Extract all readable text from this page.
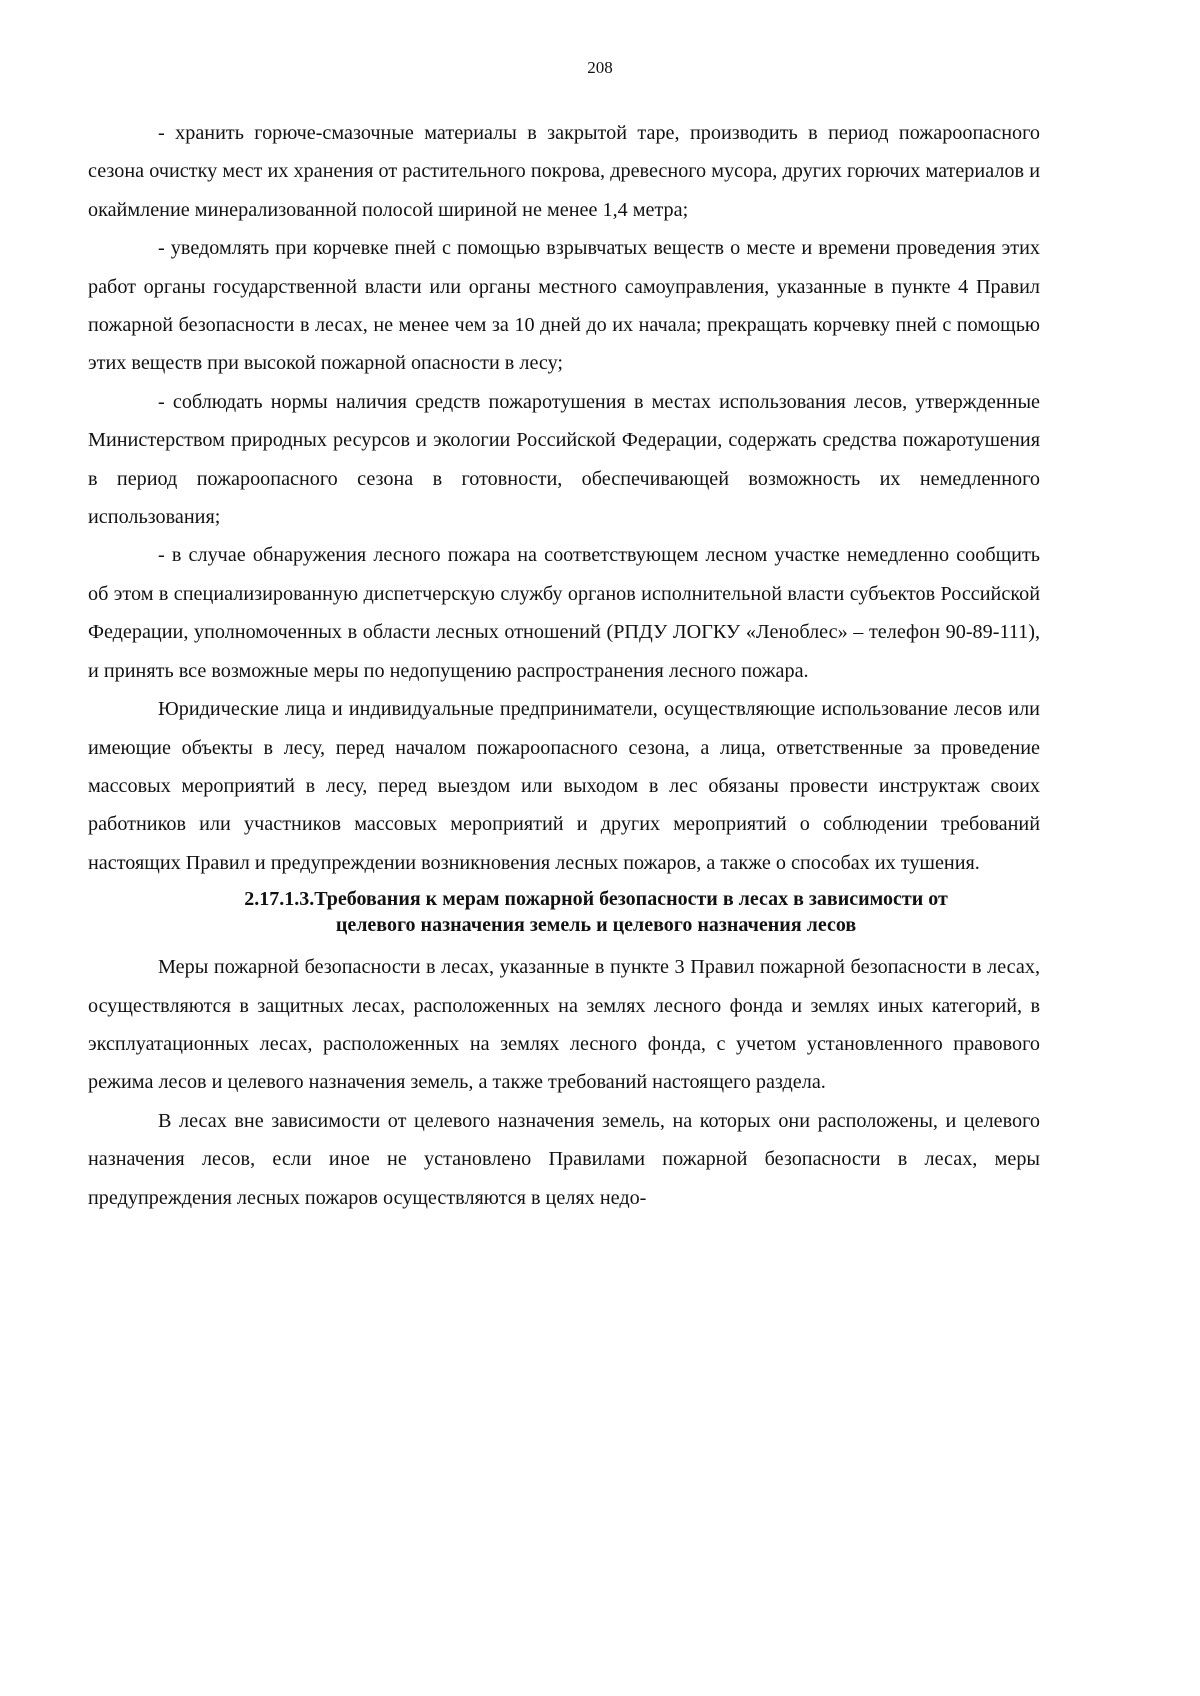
208

- хранить горюче-смазочные материалы в закрытой таре, производить в период пожароопасного сезона очистку мест их хранения от растительного покрова, древесного мусора, других горючих материалов и окаймление минерализованной полосой шириной не менее 1,4 метра;

- уведомлять при корчевке пней с помощью взрывчатых веществ о месте и времени проведения этих работ органы государственной власти или органы местного самоуправления, указанные в пункте 4 Правил пожарной безопасности в лесах, не менее чем за 10 дней до их начала; прекращать корчевку пней с помощью этих веществ при высокой пожарной опасности в лесу;

- соблюдать нормы наличия средств пожаротушения в местах использования лесов, утвержденные Министерством природных ресурсов и экологии Российской Федерации, содержать средства пожаротушения в период пожароопасного сезона в готовности, обеспечивающей возможность их немедленного использования;

- в случае обнаружения лесного пожара на соответствующем лесном участке немедленно сообщить об этом в специализированную диспетчерскую службу органов исполнительной власти субъектов Российской Федерации, уполномоченных в области лесных отношений (РПДУ ЛОГКУ «Леноблес» – телефон 90-89-111), и принять все возможные меры по недопущению распространения лесного пожара.

Юридические лица и индивидуальные предприниматели, осуществляющие использование лесов или имеющие объекты в лесу, перед началом пожароопасного сезона, а лица, ответственные за проведение массовых мероприятий в лесу, перед выездом или выходом в лес обязаны провести инструктаж своих работников или участников массовых мероприятий и других мероприятий о соблюдении требований настоящих Правил и предупреждении возникновения лесных пожаров, а также о способах их тушения.

2.17.1.3.Требования к мерам пожарной безопасности в лесах в зависимости от
целевого назначения земель и целевого назначения лесов

Меры пожарной безопасности в лесах, указанные в пункте 3 Правил пожарной безопасности в лесах, осуществляются в защитных лесах, расположенных на землях лесного фонда и землях иных категорий, в эксплуатационных лесах, расположенных на землях лесного фонда, с учетом установленного правового режима лесов и целевого назначения земель, а также требований настоящего раздела.

В лесах вне зависимости от целевого назначения земель, на которых они расположены, и целевого назначения лесов, если иное не установлено Правилами пожарной безопасности в лесах, меры предупреждения лесных пожаров осуществляются в целях недо-
